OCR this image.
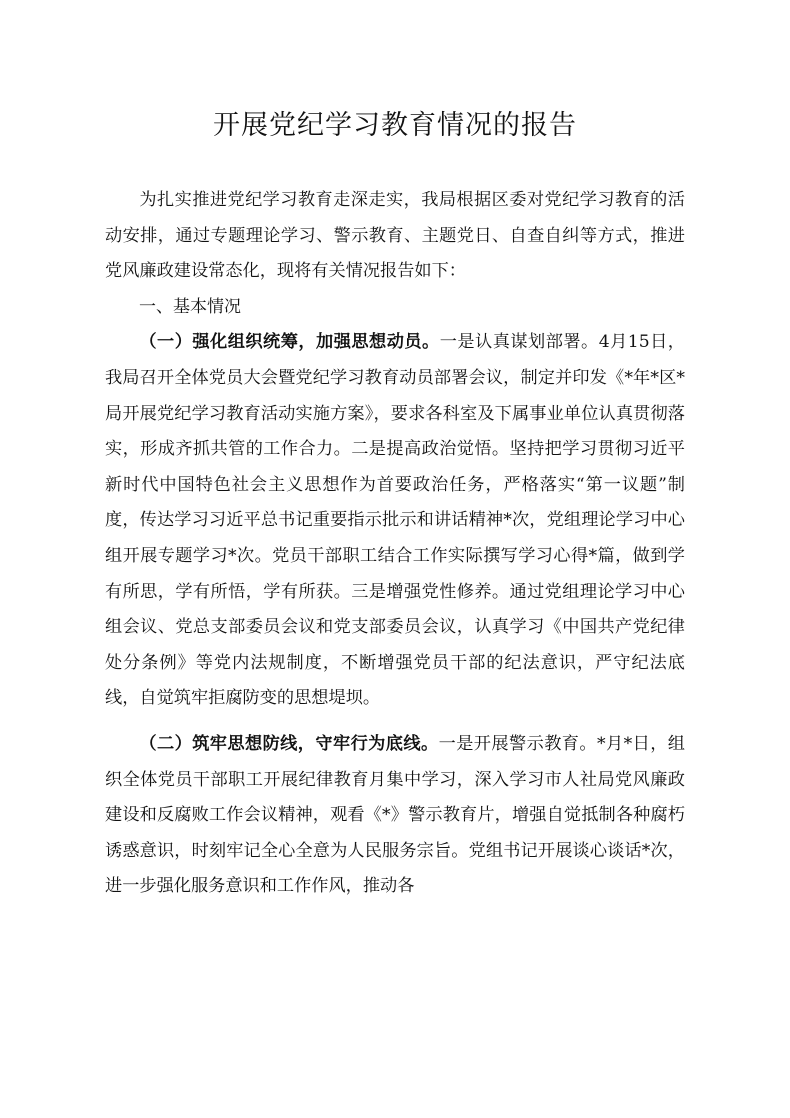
开展党纪学习教育情况的报告

为扎实推进党纪学习教育走深走实，我局根据区委对党纪学习教育的活动安排，通过专题理论学习、警示教育、主题党日、自查自纠等方式，推进党风廉政建设常态化，现将有关情况报告如下：

一、基本情况

（一）强化组织统筹，加强思想动员。一是认真谋划部署。4月15日，我局召开全体党员大会暨党纪学习教育动员部署会议，制定并印发《*年*区*局开展党纪学习教育活动实施方案》，要求各科室及下属事业单位认真贯彻落实，形成齐抓共管的工作合力。二是提高政治觉悟。坚持把学习贯彻习近平新时代中国特色社会主义思想作为首要政治任务，严格落实“第一议题”制度，传达学习习近平总书记重要指示批示和讲话精神*次，党组理论学习中心组开展专题学习*次。党员干部职工结合工作实际撰写学习心得*篇，做到学有所思，学有所悟，学有所获。三是增强党性修养。通过党组理论学习中心组会议、党总支部委员会议和党支部委员会议，认真学习《中国共产党纪律处分条例》等党内法规制度，不断增强党员干部的纪法意识，严守纪法底线，自觉筑牢拒腐防变的思想堤坝。

（二）筑牢思想防线，守牢行为底线。一是开展警示教育。*月*日，组织全体党员干部职工开展纪律教育月集中学习，深入学习市人社局党风廉政建设和反腐败工作会议精神，观看《*》警示教育片，增强自觉抵制各种腐朽诱惑意识，时刻牢记全心全意为人民服务宗旨。党组书记开展谈心谈话*次，进一步强化服务意识和工作作风，推动各
